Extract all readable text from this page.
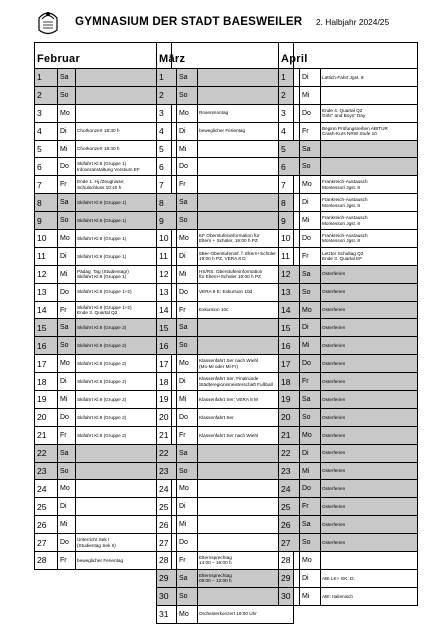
GYMNASIUM DER STADT BAESWEILER 2. Halbjahr 2024/25
Februar		
1	Sa	
2	So	
3	Mo	
4	Di	Chorkonzert 18:30 h

5	Mi	Chorkonzert 18:30 h

6	Do	Skifahrt Kl.9 (Gruppe 1)
Infoveranstaltung Vorstium EF

7	Fr	Ende 1. Hj./Zeugnisse;
Schulschluss 10:40 h

8	Sa	Skifahrt Kl.9 (Gruppe 1)

9	So	Skifahrt Kl.9 (Gruppe 1)

10	Mo	Skifahrt Kl.9 (Gruppe 1)

11	Di	Skifahrt Kl.9 (Gruppe 1)

12	Mi	Pädag. Tag (Studientag!)
Skifahrt Kl.9 (Gruppe 1)

13	Do	Skifahrt Kl.9 (Gruppe 1+2)

14	Fr	Skifahrt Kl.9 (Gruppe 1+2)
Ende 3. Quartal Q2

15	Sa	Skifahrt Kl.9 (Gruppe 2)

16	So	Skifahrt Kl.9 (Gruppe 2)

17	Mo	Skifahrt Kl.9 (Gruppe 2)

18	Di	Skifahrt Kl.9 (Gruppe 2)

19	Mi	Skifahrt Kl.9 (Gruppe 2)

20	Do	Skifahrt Kl.9 (Gruppe 2)

21	Fr	Skifahrt Kl.9 (Gruppe 2)

22	Sa	
23	So	
24	Mo	
25	Di	
26	Mi	
27	Do	Unterricht Sek I
(Studientag Sek II)

28	Fr	beweglicher Ferientag
März		
1	Sa	
2	So	
3	Mo	Rosenmontag

4	Di	beweglicher Ferientag

5	Mi	
6	Do	
7	Fr	
8	Sa	
9	So	
10	Mo	EF Oberstufeninformation für
Eltern + Schüler, 19:00 h PZ

11	Di	5Ber-Oberstufeninf. f. Eltern+Schüler
19:00 h PZ, VERA 8 D

12	Mi	HS/RS: Oberstufeninformation
für Eltern+Schüler 19:00 h PZ

13	Do	VERA 8 E; Exkursion 10d

14	Fr	Exkursion 10c

15	Sa	
16	So	
17	Mo	Klassenfahrt Ser nach Wiehl
(Mo-Mi oder Mi-Fr)

18	Di	Klassenfahrt Ser; Finalrunde
Städteregionsmeisterschaft Fußball

19	Mi	Klassenfahrt Ser; VERA 8 M

20	Do	Klassenfahrt Ser

21	Fr	Klassenfahrt Ser nach Wiehl

22	Sa	
23	So	
24	Mo	
25	Di	
26	Mi	
27	Do	
28	Fr	Elternsprechtag
14:00 – 19:00 h

29	Sa	Elternsprechtag
09:00 – 12:00 h

30	So	
31	Mo	Orchesterkonzert 19:00 Uhr
April		
1	Di	Lüttich-Fahrt Jgst. 9

2	Mi	
3	Do	Ende 4. Quartal Q2
Girls“ and Boys“ Day

4	Fr	Beginn Prüfungsreihen ABITUR
Crash-Kurs NRW Stufe 10

5	Sa	
6	So	
7	Mo	Frankreich-Austausch
Montessori Jgst. 8

8	Di	Frankreich-Austausch
Montessori Jgst. 8

9	Mi	Frankreich-Austausch
Montessori Jgst. 8

10	Do	Frankreich-Austausch
Montessori Jgst. 8

11	Fr	Letzter Schultag Q2
Ende 3. Quartal EF

12	Sa	Osterferien

13	So	Osterferien

14	Mo	Osterferien

15	Di	Osterferien

16	Mi	Osterferien

17	Do	Osterferien

18	Fr	Osterferien

19	Sa	Osterferien

20	So	Osterferien

21	Mo	Osterferien

22	Di	Osterferien

23	Mi	Osterferien

24	Do	Osterferien

25	Fr	Osterferien

26	Sa	Osterferien

27	So	Osterferien

28	Mo	
29	Di	ABI LK+ GK: D;

30	Mi	ABI: Italienisch
